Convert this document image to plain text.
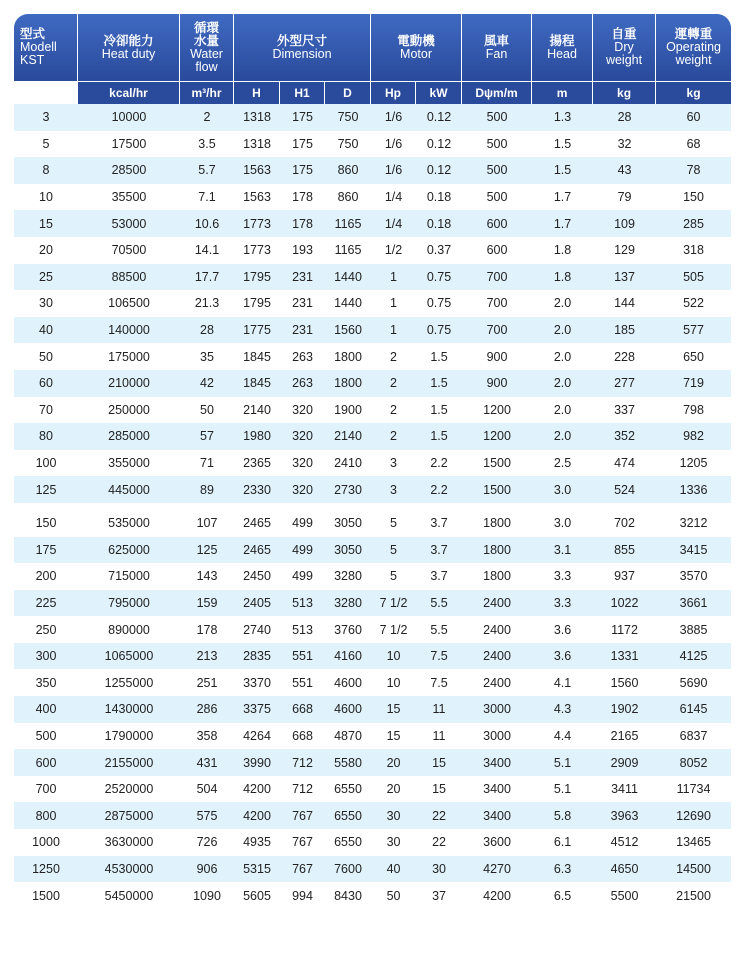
型式
Modell
KST	冷卻能力
Heat duty	循環
水量
Water
flow	外型尺寸
Dimension			電動機
Motor		風車
Fan	揚程
Head	自重
Dry
weight	運轉重
Operating
weight
	kcal/hr	m³/hr	H	H1	D	Hp	kW	Dψm/m	m	kg	kg
3	10000	2	1318	175	750	1/6	0.12	500	1.3	28	60
5	17500	3.5	1318	175	750	1/6	0.12	500	1.5	32	68
8	28500	5.7	1563	175	860	1/6	0.12	500	1.5	43	78
10	35500	7.1	1563	178	860	1/4	0.18	500	1.7	79	150
15	53000	10.6	1773	178	1165	1/4	0.18	600	1.7	109	285
20	70500	14.1	1773	193	1165	1/2	0.37	600	1.8	129	318
25	88500	17.7	1795	231	1440	1	0.75	700	1.8	137	505
30	106500	21.3	1795	231	1440	1	0.75	700	2.0	144	522
40	140000	28	1775	231	1560	1	0.75	700	2.0	185	577
50	175000	35	1845	263	1800	2	1.5	900	2.0	228	650
60	210000	42	1845	263	1800	2	1.5	900	2.0	277	719
70	250000	50	2140	320	1900	2	1.5	1200	2.0	337	798
80	285000	57	1980	320	2140	2	1.5	1200	2.0	352	982
100	355000	71	2365	320	2410	3	2.2	1500	2.5	474	1205
125	445000	89	2330	320	2730	3	2.2	1500	3.0	524	1336
150	535000	107	2465	499	3050	5	3.7	1800	3.0	702	3212
175	625000	125	2465	499	3050	5	3.7	1800	3.1	855	3415
200	715000	143	2450	499	3280	5	3.7	1800	3.3	937	3570
225	795000	159	2405	513	3280	7 1/2	5.5	2400	3.3	1022	3661
250	890000	178	2740	513	3760	7 1/2	5.5	2400	3.6	1172	3885
300	1065000	213	2835	551	4160	10	7.5	2400	3.6	1331	4125
350	1255000	251	3370	551	4600	10	7.5	2400	4.1	1560	5690
400	1430000	286	3375	668	4600	15	11	3000	4.3	1902	6145
500	1790000	358	4264	668	4870	15	11	3000	4.4	2165	6837
600	2155000	431	3990	712	5580	20	15	3400	5.1	2909	8052
700	2520000	504	4200	712	6550	20	15	3400	5.1	3411	11734
800	2875000	575	4200	767	6550	30	22	3400	5.8	3963	12690
1000	3630000	726	4935	767	6550	30	22	3600	6.1	4512	13465
1250	4530000	906	5315	767	7600	40	30	4270	6.3	4650	14500
1500	5450000	1090	5605	994	8430	50	37	4200	6.5	5500	21500
